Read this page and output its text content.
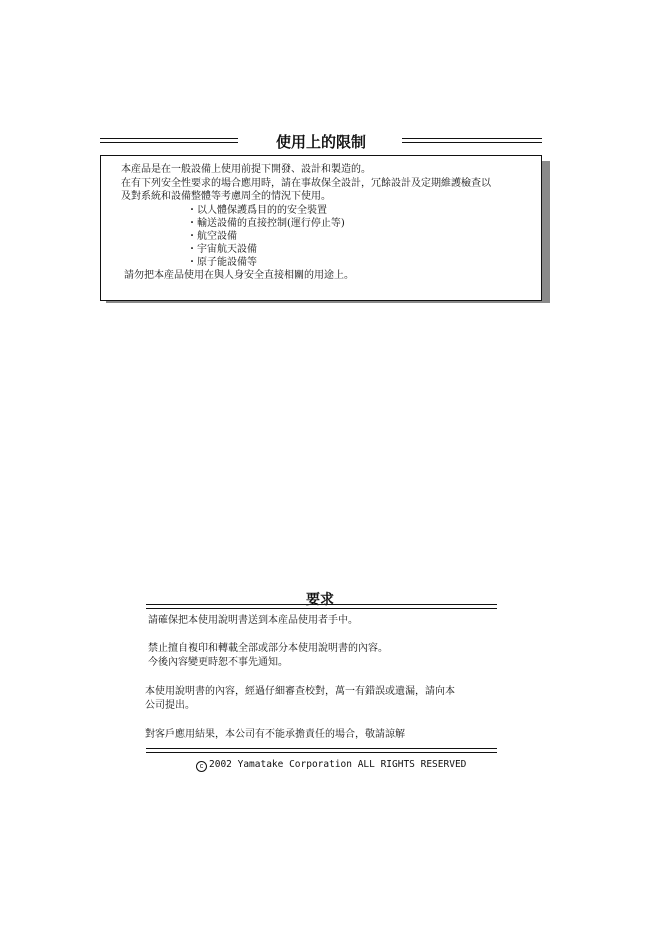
使用上的限制

本産品是在一般設備上使用前提下開發、設計和製造的。

在有下列安全性要求的場合應用時，請在事故保全設計，冗餘設計及定期維護檢查以

及對系統和設備整體等考慮周全的情況下使用。

・以人體保護爲目的的安全裝置

・輸送設備的直接控制(運行停止等)

・航空設備

・宇宙航天設備

・原子能設備等

請勿把本産品使用在與人身安全直接相關的用途上。

要求

請確保把本使用說明書送到本産品使用者手中。

禁止擅自複印和轉載全部或部分本使用說明書的內容。

今後內容變更時恕不事先通知。

本使用說明書的內容，經過仔細審查校對，萬一有錯誤或遺漏，請向本

公司提出。

對客戶應用結果，本公司有不能承擔責任的場合，敬請諒解

c 2002 Yamatake Corporation ALL RIGHTS RESERVED
